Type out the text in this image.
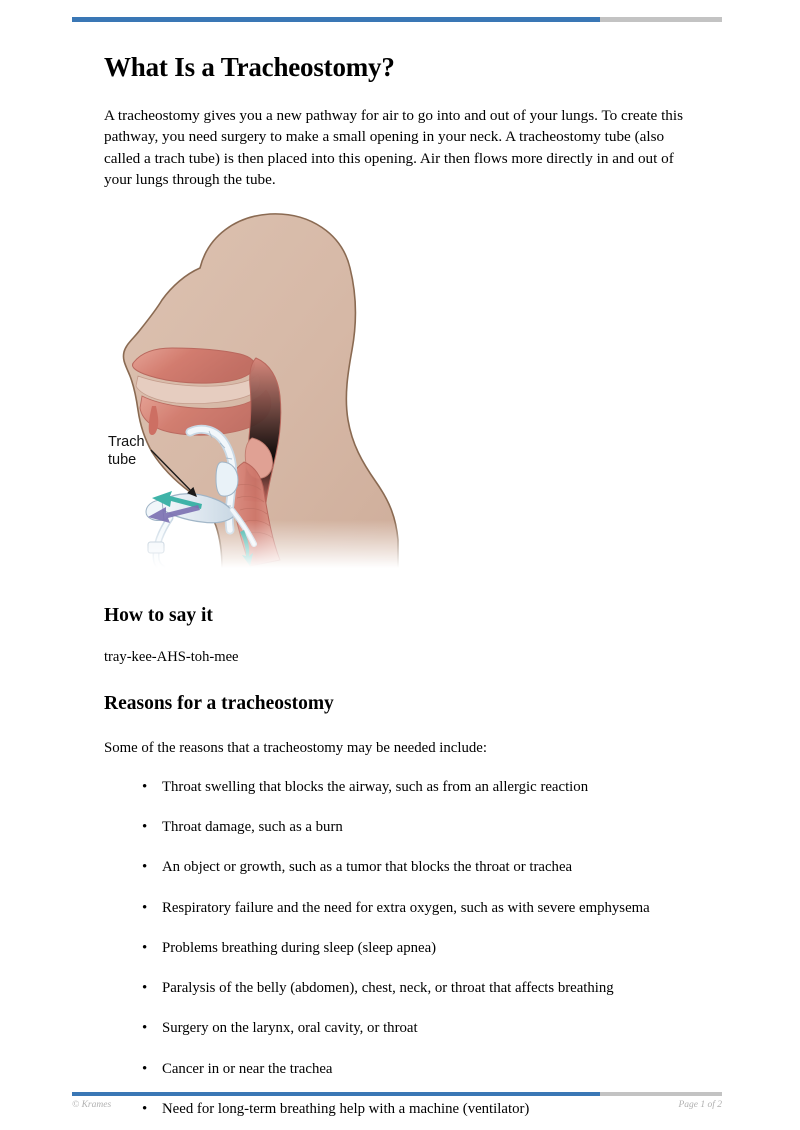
What Is a Tracheostomy?

A tracheostomy gives you a new pathway for air to go into and out of your lungs. To create this pathway, you need surgery to make a small opening in your neck. A tracheostomy tube (also called a trach tube) is then placed into this opening. Air then flows more directly in and out of your lungs through the tube.

Trach
tube
How to say it

tray-kee-AHS-toh-mee

Reasons for a tracheostomy

Some of the reasons that a tracheostomy may be needed include:

• Throat swelling that blocks the airway, such as from an allergic reaction
• Throat damage, such as a burn
• An object or growth, such as a tumor that blocks the throat or trachea
• Respiratory failure and the need for extra oxygen, such as with severe emphysema
• Problems breathing during sleep (sleep apnea)
• Paralysis of the belly (abdomen), chest, neck, or throat that affects breathing
• Surgery on the larynx, oral cavity, or throat
• Cancer in or near the trachea
• Need for long-term breathing help with a machine (ventilator)
© Krames	Page 1 of 2
